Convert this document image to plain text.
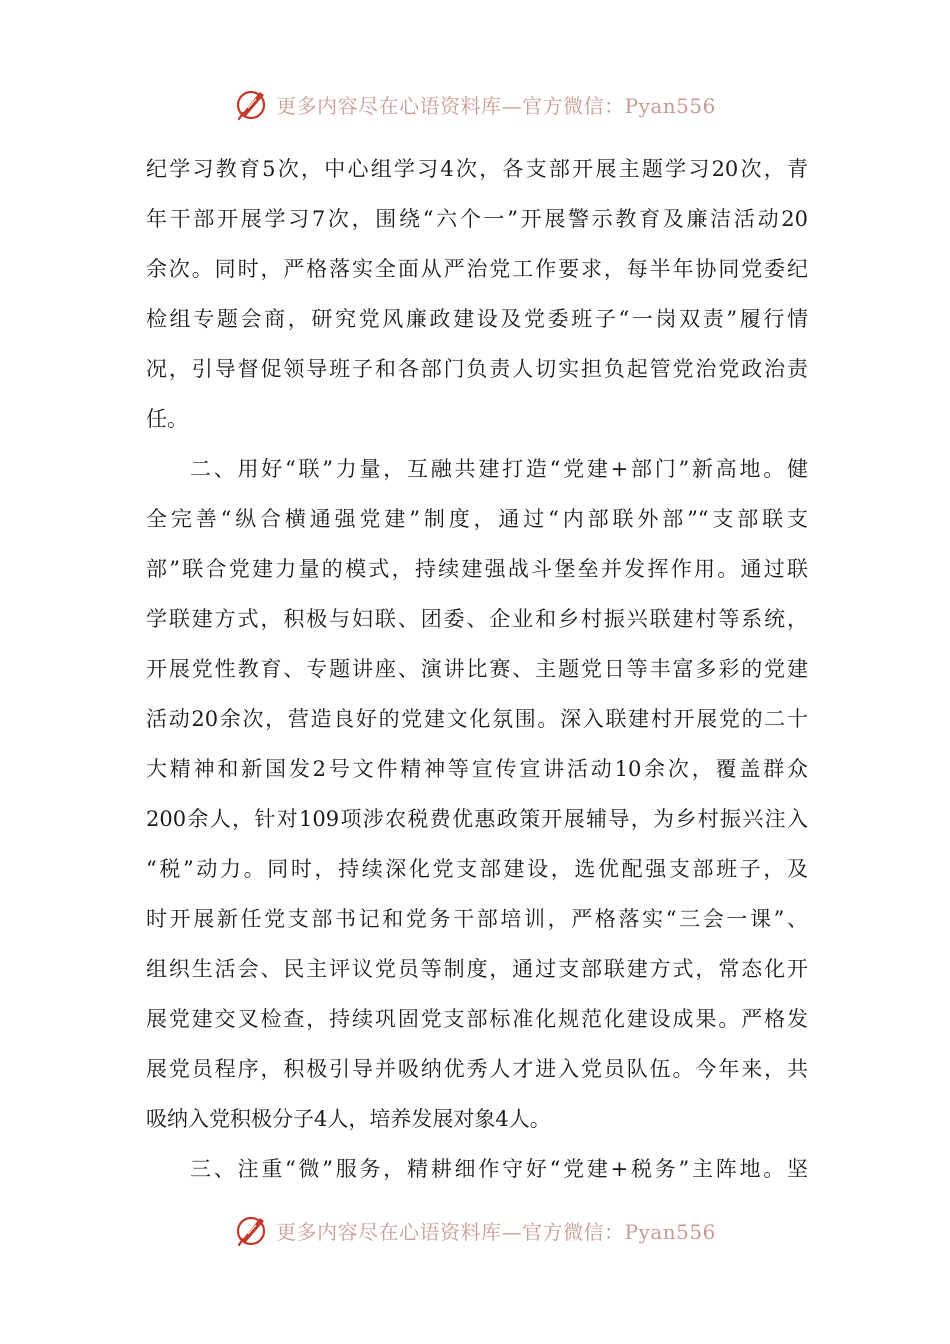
更多内容尽在心语资料库—官方微信：Pyan556
纪学习教育5次，中心组学习4次，各支部开展主题学习20次，青
年干部开展学习7次，围绕“六个一”开展警示教育及廉洁活动20
余次。同时，严格落实全面从严治党工作要求，每半年协同党委纪
检组专题会商，研究党风廉政建设及党委班子“一岗双责”履行情
况，引导督促领导班子和各部门负责人切实担负起管党治党政治责
任。
二、用好“联”力量，互融共建打造“党建+部门”新高地。健
全完善“纵合横通强党建”制度，通过“内部联外部”“支部联支
部”联合党建力量的模式，持续建强战斗堡垒并发挥作用。通过联
学联建方式，积极与妇联、团委、企业和乡村振兴联建村等系统，
开展党性教育、专题讲座、演讲比赛、主题党日等丰富多彩的党建
活动20余次，营造良好的党建文化氛围。深入联建村开展党的二十
大精神和新国发2号文件精神等宣传宣讲活动10余次，覆盖群众
200余人，针对109项涉农税费优惠政策开展辅导，为乡村振兴注入
“税”动力。同时，持续深化党支部建设，选优配强支部班子，及
时开展新任党支部书记和党务干部培训，严格落实“三会一课”、
组织生活会、民主评议党员等制度，通过支部联建方式，常态化开
展党建交叉检查，持续巩固党支部标准化规范化建设成果。严格发
展党员程序，积极引导并吸纳优秀人才进入党员队伍。今年来，共
吸纳入党积极分子4人，培养发展对象4人。
三、注重“微”服务，精耕细作守好“党建+税务”主阵地。坚
更多内容尽在心语资料库—官方微信：Pyan556
